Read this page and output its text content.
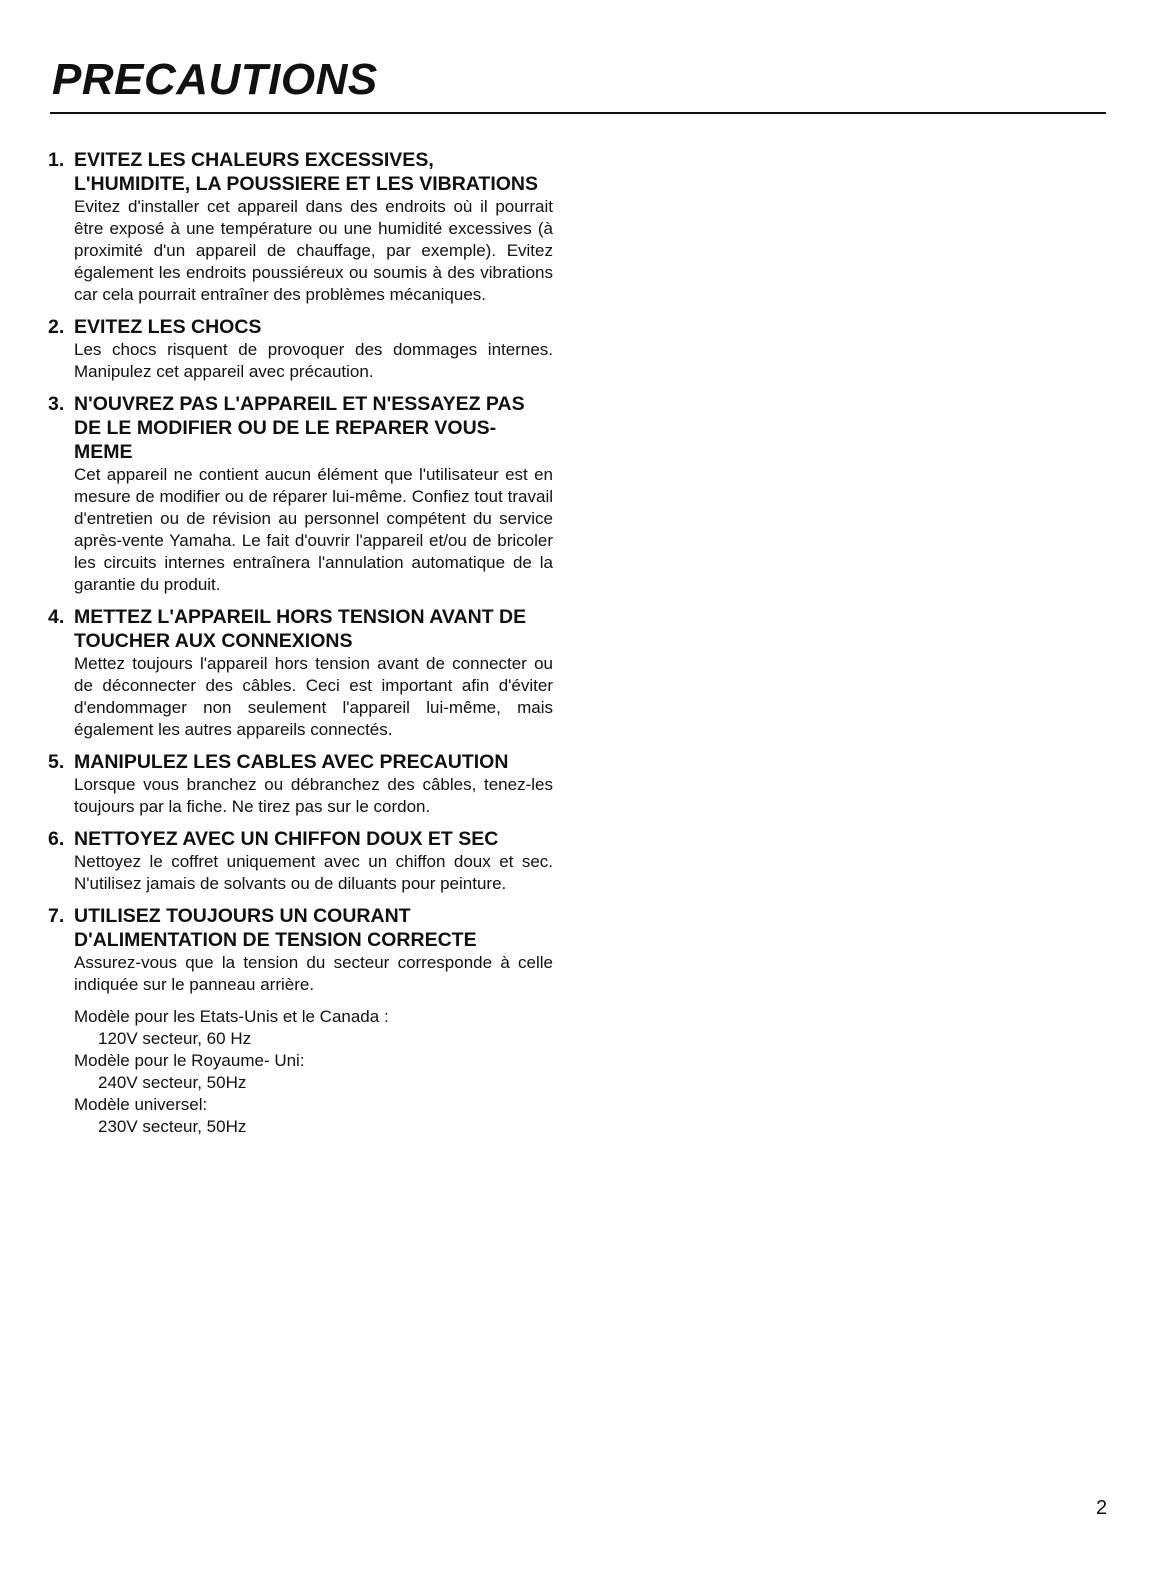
PRECAUTIONS
1. EVITEZ LES CHALEURS EXCESSIVES, L'HUMIDITE, LA POUSSIERE ET LES VIBRATIONS
Evitez d'installer cet appareil dans des endroits où il pourrait être exposé à une température ou une humidité excessives (à proximité d'un appareil de chauffage, par exemple). Evitez également les endroits poussiéreux ou soumis à des vibrations car cela pourrait entraîner des problèmes mécaniques.
2. EVITEZ LES CHOCS
Les chocs risquent de provoquer des dommages internes. Manipulez cet appareil avec précaution.
3. N'OUVREZ PAS L'APPAREIL ET N'ESSAYEZ PAS DE LE MODIFIER OU DE LE REPARER VOUS-MEME
Cet appareil ne contient aucun élément que l'utilisateur est en mesure de modifier ou de réparer lui-même. Confiez tout travail d'entretien ou de révision au personnel compétent du service après-vente Yamaha. Le fait d'ouvrir l'appareil et/ou de bricoler les circuits internes entraînera l'annulation automatique de la garantie du produit.
4. METTEZ L'APPAREIL HORS TENSION AVANT DE TOUCHER AUX CONNEXIONS
Mettez toujours l'appareil hors tension avant de connecter ou de déconnecter des câbles. Ceci est important afin d'éviter d'endommager non seulement l'appareil lui-même, mais également les autres appareils connectés.
5. MANIPULEZ LES CABLES AVEC PRECAUTION
Lorsque vous branchez ou débranchez des câbles, tenez-les toujours par la fiche. Ne tirez pas sur le cordon.
6. NETTOYEZ AVEC UN CHIFFON DOUX ET SEC
Nettoyez le coffret uniquement avec un chiffon doux et sec. N'utilisez jamais de solvants ou de diluants pour peinture.
7. UTILISEZ TOUJOURS UN COURANT D'ALIMENTATION DE TENSION CORRECTE
Assurez-vous que la tension du secteur corresponde à celle indiquée sur le panneau arrière.
Modèle pour les Etats-Unis et le Canada :
120V secteur, 60 Hz
Modèle pour le Royaume- Uni:
240V secteur, 50Hz
Modèle universel:
230V secteur, 50Hz
2
